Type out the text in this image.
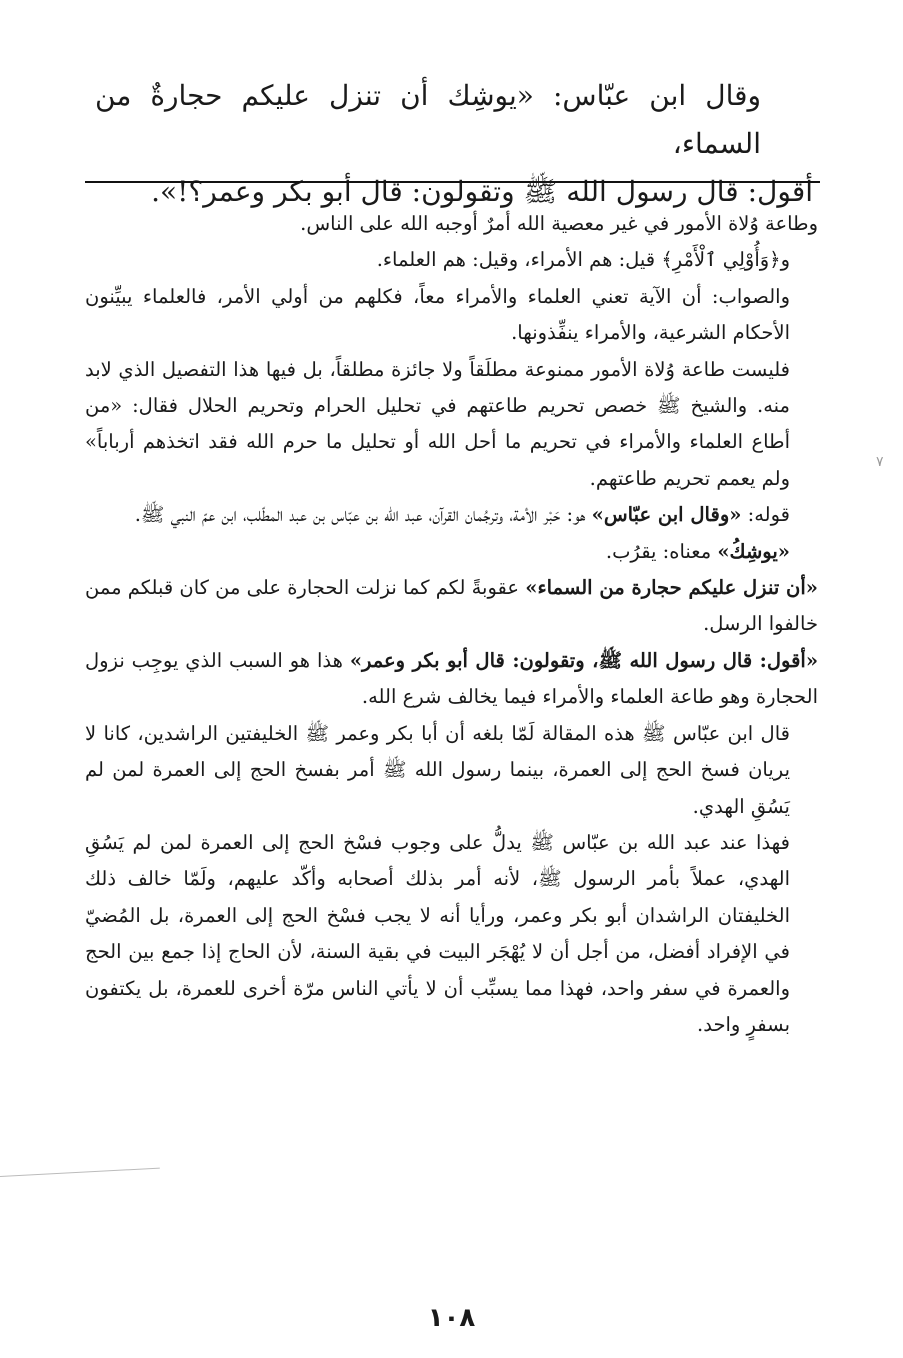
وقال ابن عبّاس: «يوشِك أن تنزل عليكم حجارةٌ من السماء،

أقول: قال رسول الله ﷺ وتقولون: قال أبو بكر وعمر؟!».

وطاعة وُلاة الأمور في غير معصية الله أمرٌ أوجبه الله على الناس.

و﴿وَأُوْلِي ٱلْأَمْرِ﴾ قيل: هم الأمراء، وقيل: هم العلماء.

والصواب: أن الآية تعني العلماء والأمراء معاً، فكلهم من أولي الأمر، فالعلماء يبيِّنون الأحكام الشرعية، والأمراء ينفِّذونها.

فليست طاعة وُلاة الأمور ممنوعة مطلَقاً ولا جائزة مطلقاً، بل فيها هذا التفصيل الذي لابد منه. والشيخ ﷺ خصص تحريم طاعتهم في تحليل الحرام وتحريم الحلال فقال: «من أطاع العلماء والأمراء في تحريم ما أحل الله أو تحليل ما حرم الله فقد اتخذهم أرباباً» ولم يعمم تحريم طاعتهم.

قوله: «وقال ابن عبّاس» هو: حَبْر الأمة، وترجُمان القرآن، عبد الله بن عبّاس بن عبد المطّلب، ابن عمّ النبي ﷺ.

«يوشِكُ» معناه: يقرُب.

«أن تنزل عليكم حجارة من السماء» عقوبةً لكم كما نزلت الحجارة على من كان قبلكم ممن خالفوا الرسل.

«أقول: قال رسول الله ﷺ، وتقولون: قال أبو بكر وعمر» هذا هو السبب الذي يوجِب نزول الحجارة وهو طاعة العلماء والأمراء فيما يخالف شرع الله.

قال ابن عبّاس ﷺ هذه المقالة لَمّا بلغه أن أبا بكر وعمر ﷺ الخليفتين الراشدين، كانا لا يريان فسخ الحج إلى العمرة، بينما رسول الله ﷺ أمر بفسخ الحج إلى العمرة لمن لم يَسُقِ الهدي.

فهذا عند عبد الله بن عبّاس ﷺ يدلُّ على وجوب فسْخ الحج إلى العمرة لمن لم يَسُقِ الهدي، عملاً بأمر الرسول ﷺ، لأنه أمر بذلك أصحابه وأكّد عليهم، ولَمّا خالف ذلك الخليفتان الراشدان أبو بكر وعمر، ورأيا أنه لا يجب فسْخ الحج إلى العمرة، بل المُضيّ في الإفراد أفضل، من أجل أن لا يُهْجَر البيت في بقية السنة، لأن الحاج إذا جمع بين الحج والعمرة في سفر واحد، فهذا مما يسبِّب أن لا يأتي الناس مرّة أخرى للعمرة، بل يكتفون بسفرٍ واحد.

٧
١٠٨
